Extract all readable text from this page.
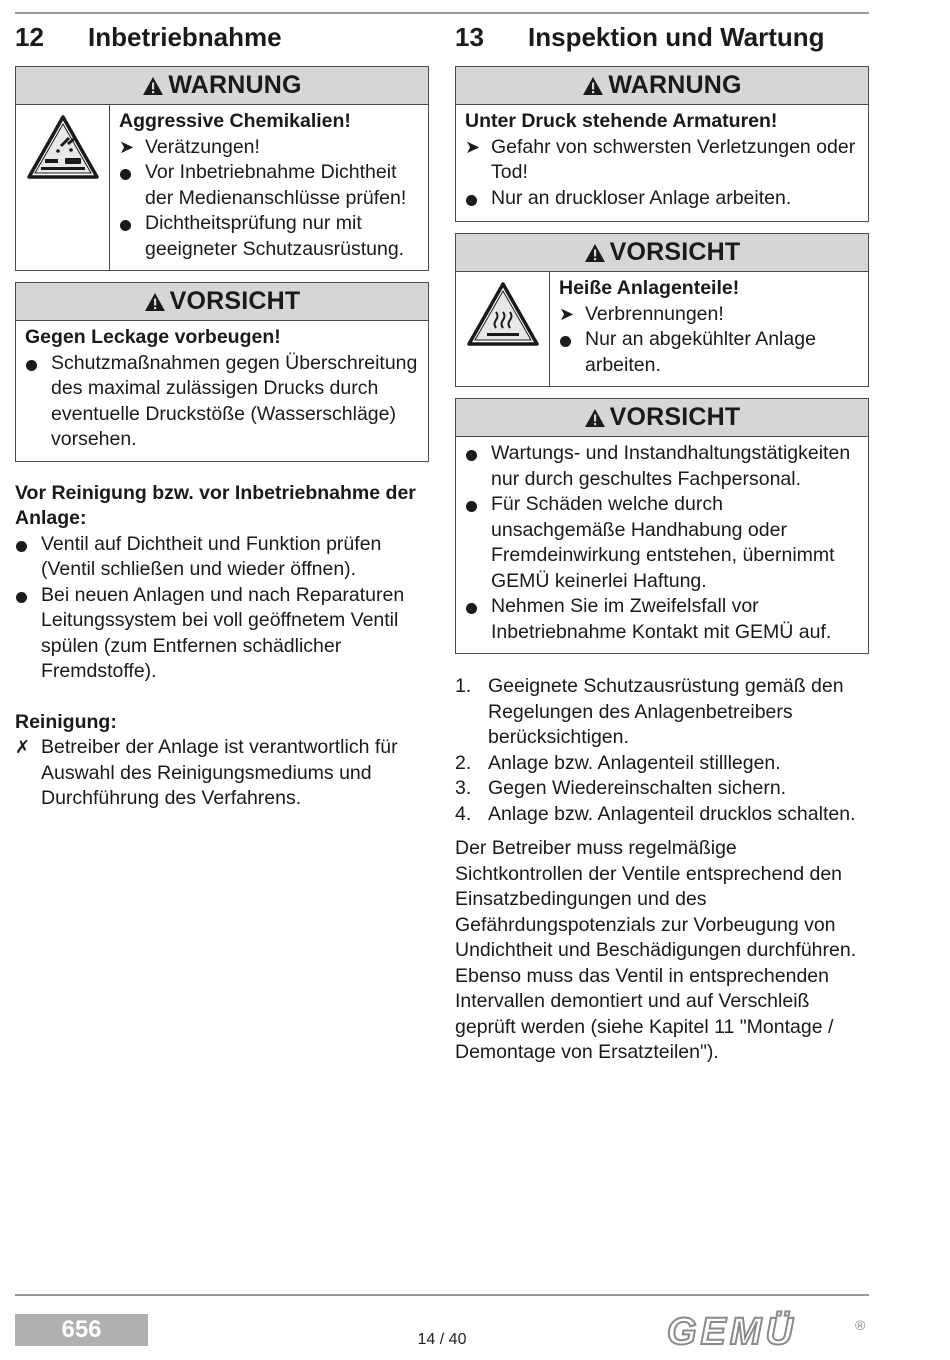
12	Inbetriebnahme
WARNUNG
Aggressive Chemikalien!
➤ Verätzungen!
Vor Inbetriebnahme Dichtheit der Medienanschlüsse prüfen!
Dichtheitsprüfung nur mit geeigneter Schutzausrüstung.
VORSICHT
Gegen Leckage vorbeugen!
Schutzmaßnahmen gegen Überschreitung des maximal zulässigen Drucks durch eventuelle Druckstöße (Wasserschläge) vorsehen.
Vor Reinigung bzw. vor Inbetriebnahme der Anlage:
Ventil auf Dichtheit und Funktion prüfen (Ventil schließen und wieder öffnen).
Bei neuen Anlagen und nach Reparaturen Leitungssystem bei voll geöffnetem Ventil spülen (zum Entfernen schädlicher Fremdstoffe).
Reinigung:
✗ Betreiber der Anlage ist verantwortlich für Auswahl des Reinigungsmediums und Durchführung des Verfahrens.
13	Inspektion und Wartung
WARNUNG
Unter Druck stehende Armaturen!
➤ Gefahr von schwersten Verletzungen oder Tod!
Nur an druckloser Anlage arbeiten.
VORSICHT
Heiße Anlagenteile!
➤ Verbrennungen!
Nur an abgekühlter Anlage arbeiten.
VORSICHT
Wartungs- und Instandhaltungstätigkeiten nur durch geschultes Fachpersonal.
Für Schäden welche durch unsachgemäße Handhabung oder Fremdeinwirkung entstehen, übernimmt GEMÜ keinerlei Haftung.
Nehmen Sie im Zweifelsfall vor Inbetriebnahme Kontakt mit GEMÜ auf.
1. Geeignete Schutzausrüstung gemäß den Regelungen des Anlagenbetreibers berücksichtigen.
2. Anlage bzw. Anlagenteil stilllegen.
3. Gegen Wiedereinschalten sichern.
4. Anlage bzw. Anlagenteil drucklos schalten.
Der Betreiber muss regelmäßige Sichtkontrollen der Ventile entsprechend den Einsatzbedingungen und des Gefährdungspotenzials zur Vorbeugung von Undichtheit und Beschädigungen durchführen. Ebenso muss das Ventil in entsprechenden Intervallen demontiert und auf Verschleiß geprüft werden (siehe Kapitel 11 "Montage / Demontage von Ersatzteilen").
656	14 / 40	GEMÜ	®
